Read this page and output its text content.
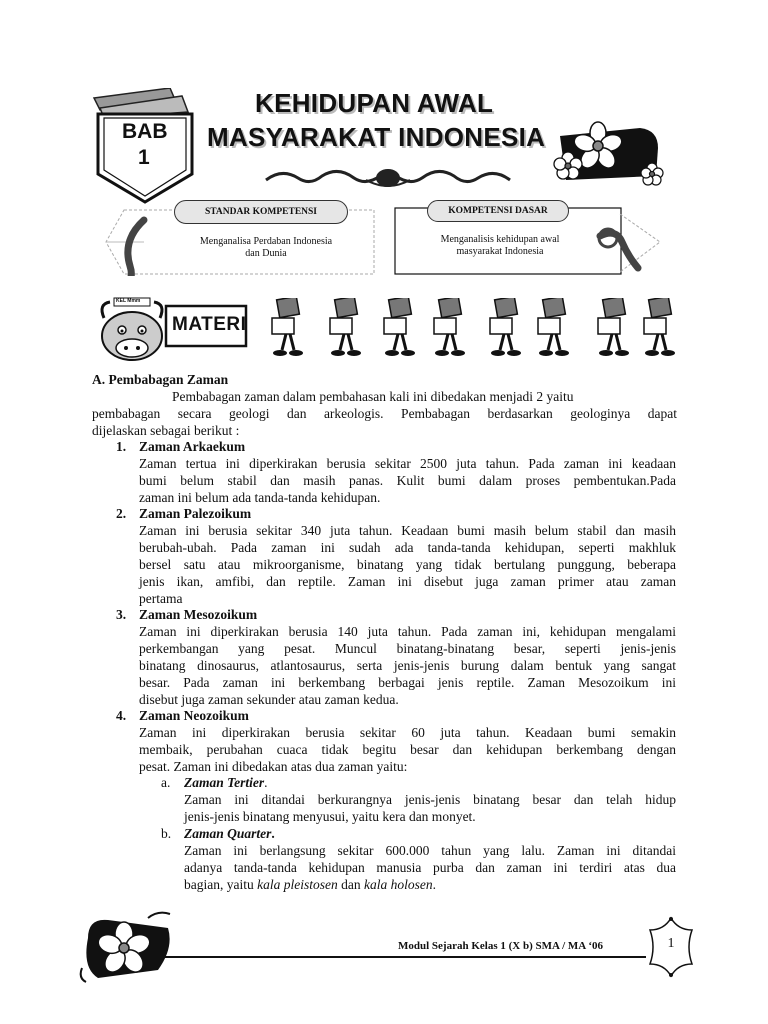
BAB
1
KEHIDUPAN AWAL
MASYARAKAT INDONESIA
STANDAR KOMPETENSI
Menganalisa Perdaban Indonesia
dan Dunia
KOMPETENSI DASAR
Menganalisis kehidupan awal
masyarakat Indonesia
KEL Mmm
MATERI
A. Pembabagan Zaman
Pembabagan zaman dalam pembahasan kali ini dibedakan menjadi 2 yaitu
pembabagan secara geologi dan arkeologis. Pembabagan berdasarkan geologinya dapat
dijelaskan sebagai berikut :
1. Zaman Arkaekum
Zaman tertua ini diperkirakan berusia sekitar 2500 juta tahun. Pada zaman ini keadaan
bumi belum stabil dan masih panas. Kulit bumi dalam proses pembentukan.Pada
zaman ini belum ada tanda-tanda kehidupan.
2. Zaman Palezoikum
Zaman ini berusia sekitar 340 juta tahun. Keadaan bumi masih belum stabil dan masih
berubah-ubah. Pada zaman ini sudah ada tanda-tanda kehidupan, seperti makhluk
bersel satu atau mikroorganisme, binatang yang tidak bertulang punggung, beberapa
jenis ikan, amfibi, dan reptile. Zaman ini disebut juga zaman primer atau zaman
pertama
3. Zaman Mesozoikum
Zaman ini diperkirakan berusia 140 juta tahun. Pada zaman ini, kehidupan mengalami
perkembangan yang pesat. Muncul binatang-binatang besar, seperti jenis-jenis
binatang dinosaurus, atlantosaurus, serta jenis-jenis burung dalam bentuk yang sangat
besar. Pada zaman ini berkembang berbagai jenis reptile. Zaman Mesozoikum ini
disebut juga zaman sekunder atau zaman kedua.
4. Zaman Neozoikum
Zaman ini diperkirakan berusia sekitar 60 juta tahun. Keadaan bumi semakin
membaik, perubahan cuaca tidak begitu besar dan kehidupan berkembang dengan
pesat. Zaman ini dibedakan atas dua zaman yaitu:
a. Zaman Tertier.
Zaman ini ditandai berkurangnya jenis-jenis binatang besar dan telah hidup
jenis-jenis binatang menyusui, yaitu kera dan monyet.
b. Zaman Quarter.
Zaman ini berlangsung sekitar 600.000 tahun yang lalu. Zaman ini ditandai
adanya tanda-tanda kehidupan manusia purba dan zaman ini terdiri atas dua
bagian, yaitu kala pleistosen dan kala holosen.
Modul Sejarah Kelas 1 (X b) SMA / MA ‘06	1
